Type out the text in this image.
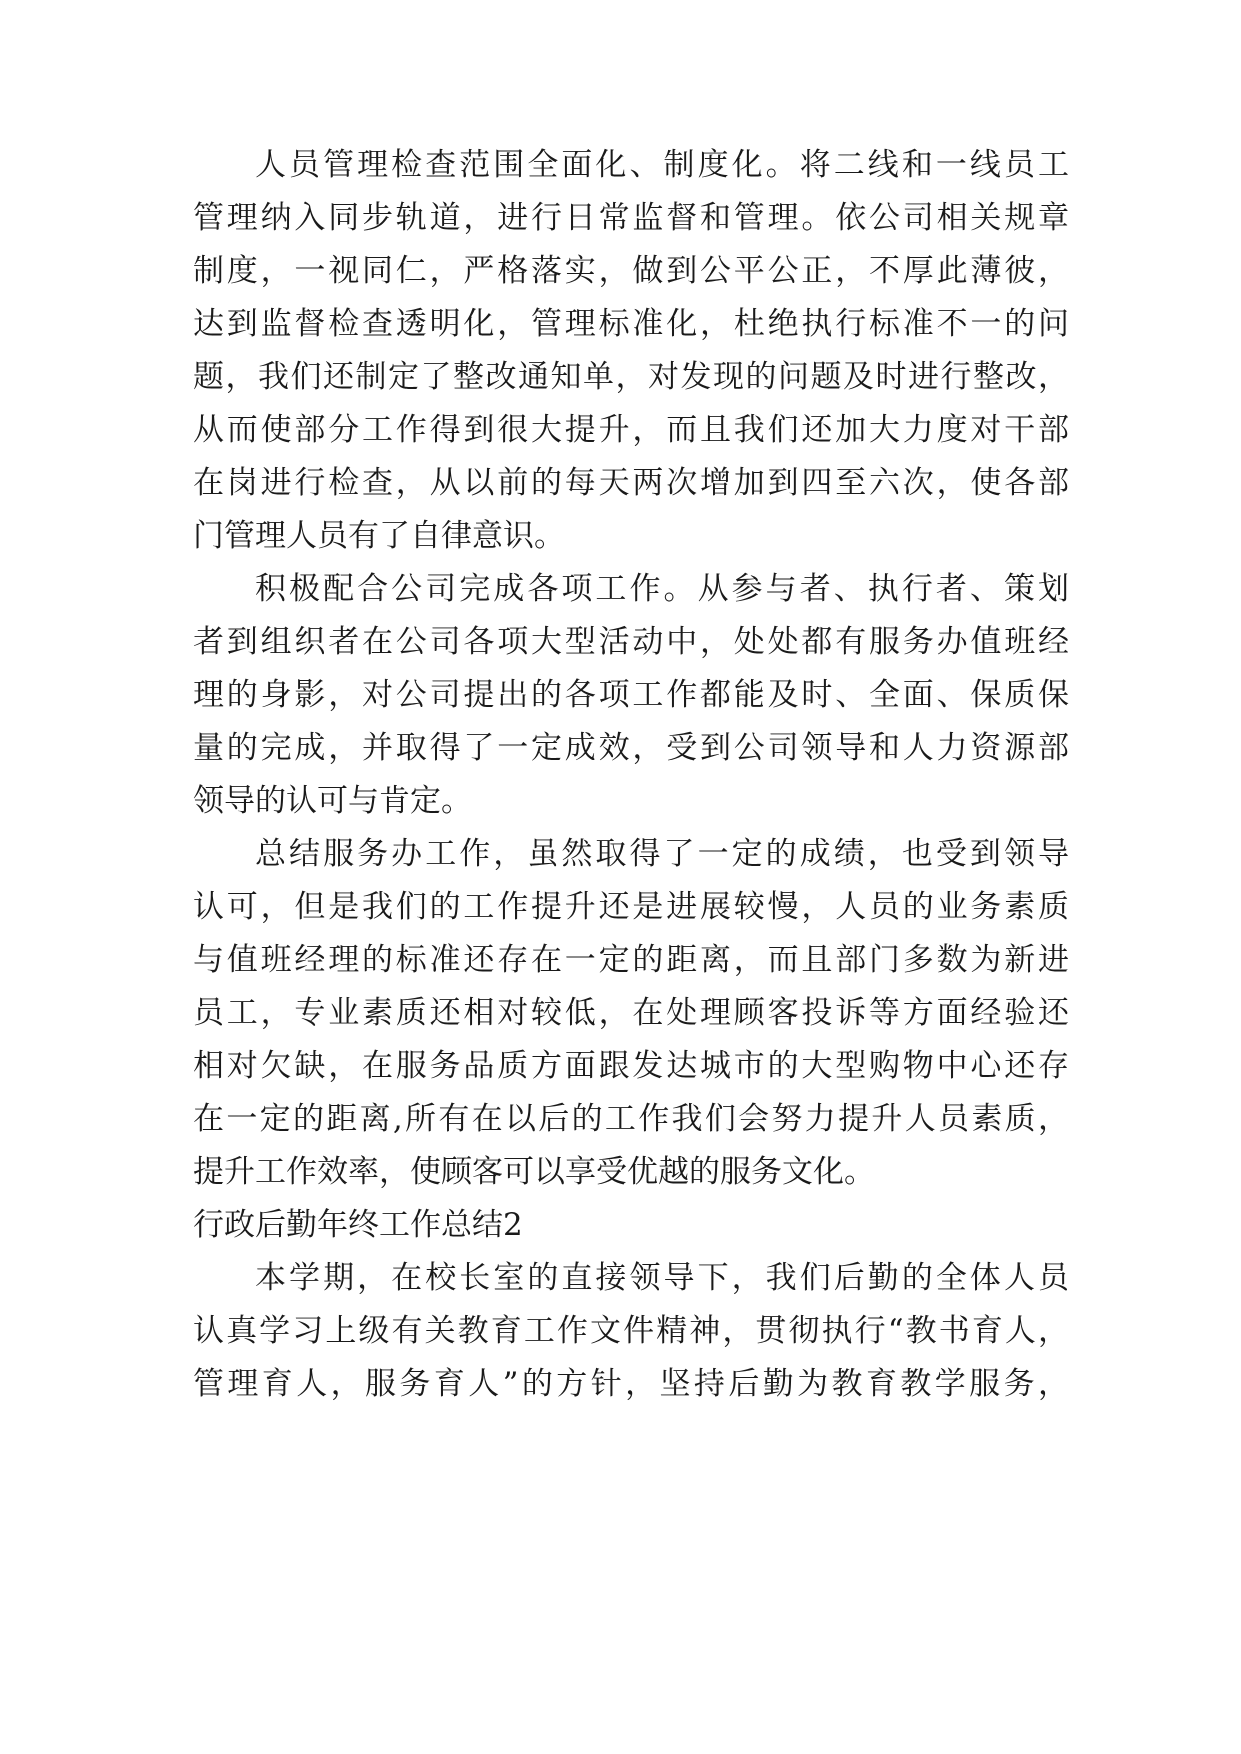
人员管理检查范围全面化、制度化。将二线和一线员工
管理纳入同步轨道，进行日常监督和管理。依公司相关规章
制度，一视同仁，严格落实，做到公平公正，不厚此薄彼，
达到监督检查透明化，管理标准化，杜绝执行标准不一的问
题，我们还制定了整改通知单，对发现的问题及时进行整改，
从而使部分工作得到很大提升，而且我们还加大力度对干部
在岗进行检查，从以前的每天两次增加到四至六次，使各部
门管理人员有了自律意识。
积极配合公司完成各项工作。从参与者、执行者、策划
者到组织者在公司各项大型活动中，处处都有服务办值班经
理的身影，对公司提出的各项工作都能及时、全面、保质保
量的完成，并取得了一定成效，受到公司领导和人力资源部
领导的认可与肯定。
总结服务办工作，虽然取得了一定的成绩，也受到领导
认可，但是我们的工作提升还是进展较慢，人员的业务素质
与值班经理的标准还存在一定的距离，而且部门多数为新进
员工，专业素质还相对较低，在处理顾客投诉等方面经验还
相对欠缺，在服务品质方面跟发达城市的大型购物中心还存
在一定的距离,所有在以后的工作我们会努力提升人员素质，
提升工作效率，使顾客可以享受优越的服务文化。
行政后勤年终工作总结2
本学期，在校长室的直接领导下，我们后勤的全体人员
认真学习上级有关教育工作文件精神，贯彻执行“教书育人，
管理育人，服务育人”的方针，坚持后勤为教育教学服务，
